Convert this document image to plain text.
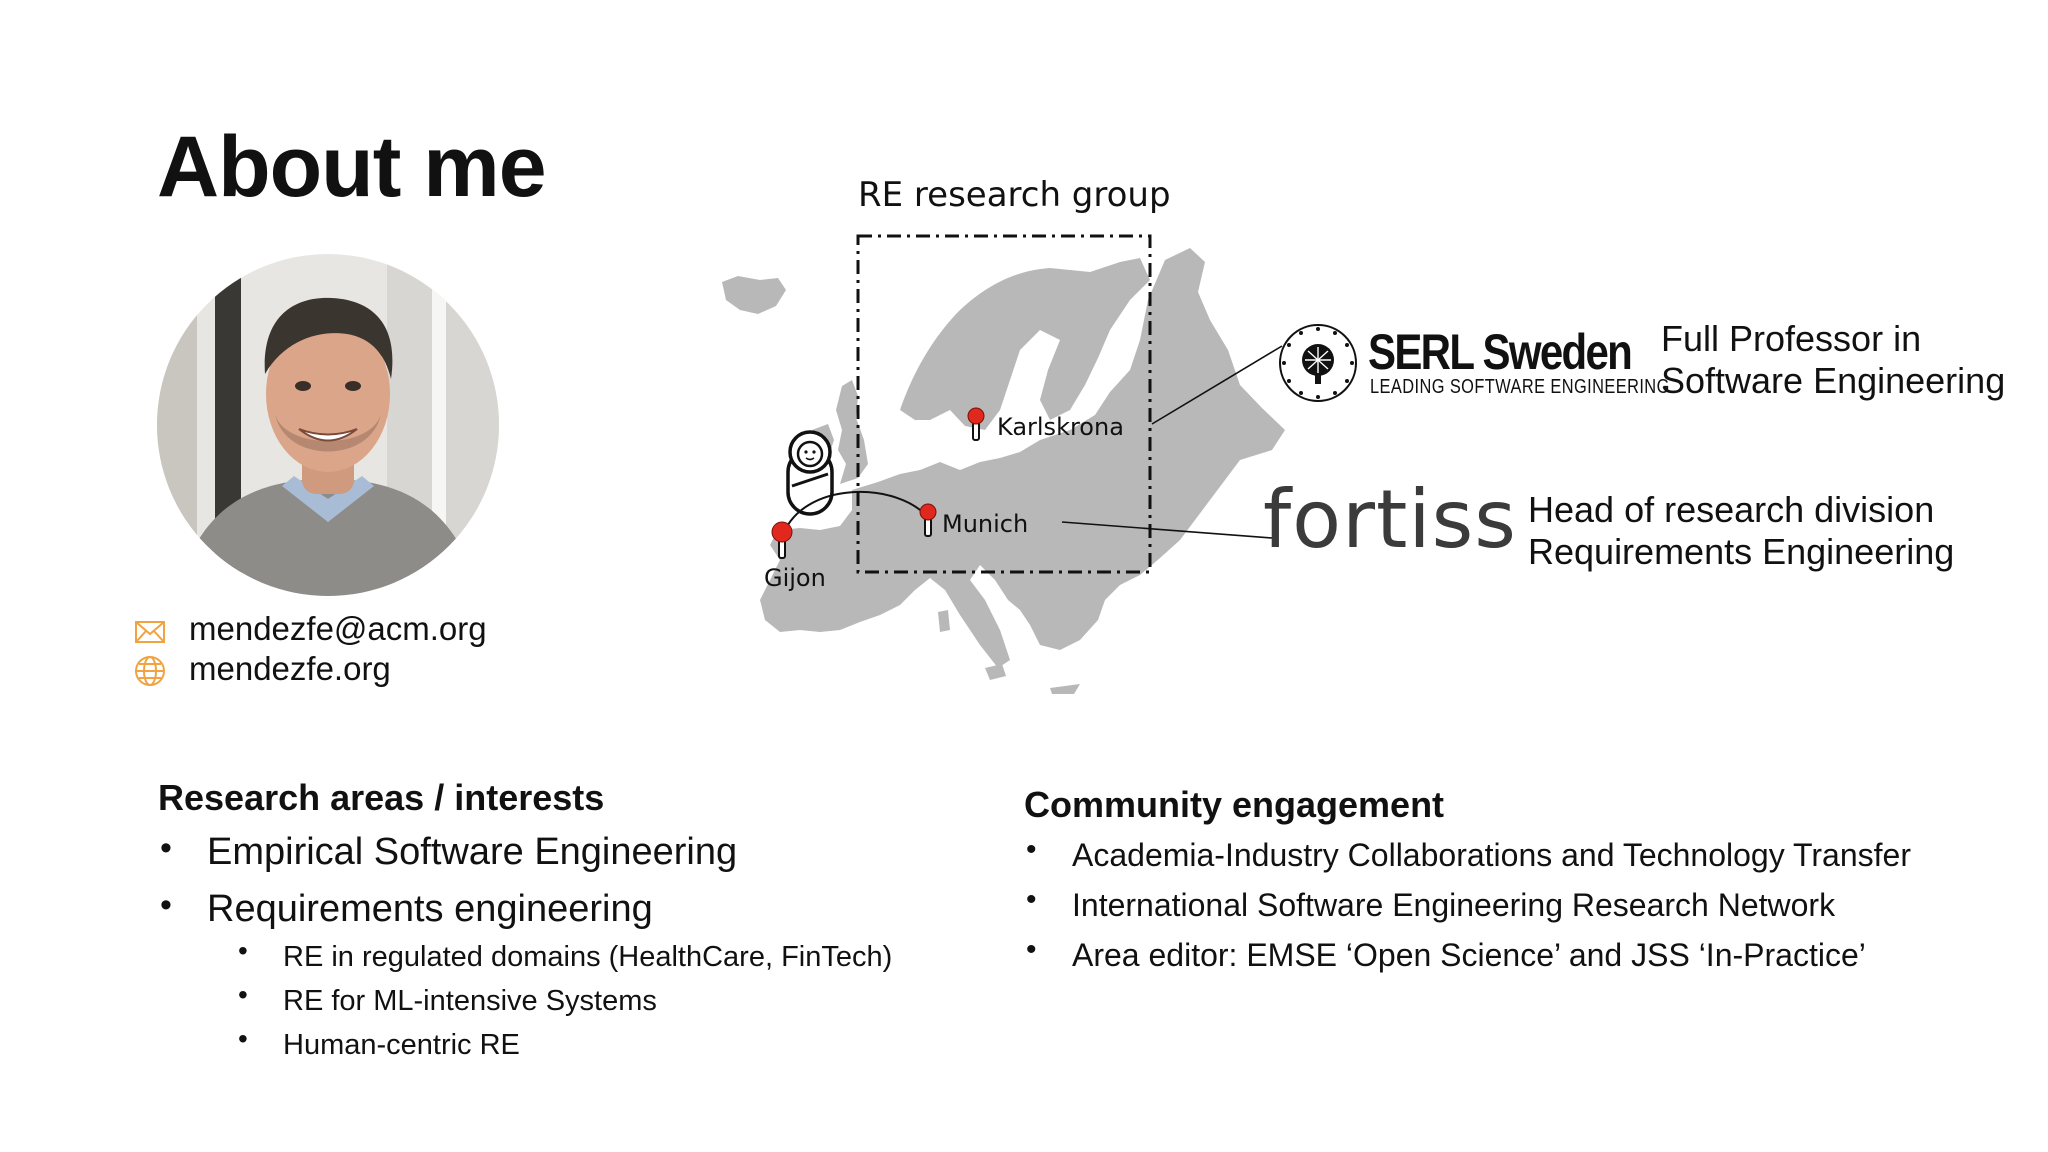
About me
mendezfe@acm.org
mendezfe.org
RE research group
Karlskrona
Munich
Gijon
SERL Sweden
LEADING SOFTWARE ENGINEERING
Full Professor in
Software Engineering
fortiss Head of research division
Requirements Engineering
Research areas / interests
• Empirical Software Engineering
• Requirements engineering
• RE in regulated domains (HealthCare, FinTech)
• RE for ML-intensive Systems
• Human-centric RE
Community engagement
• Academia-Industry Collaborations and Technology Transfer
• International Software Engineering Research Network
• Area editor: EMSE ‘Open Science’ and JSS ‘In-Practice’
